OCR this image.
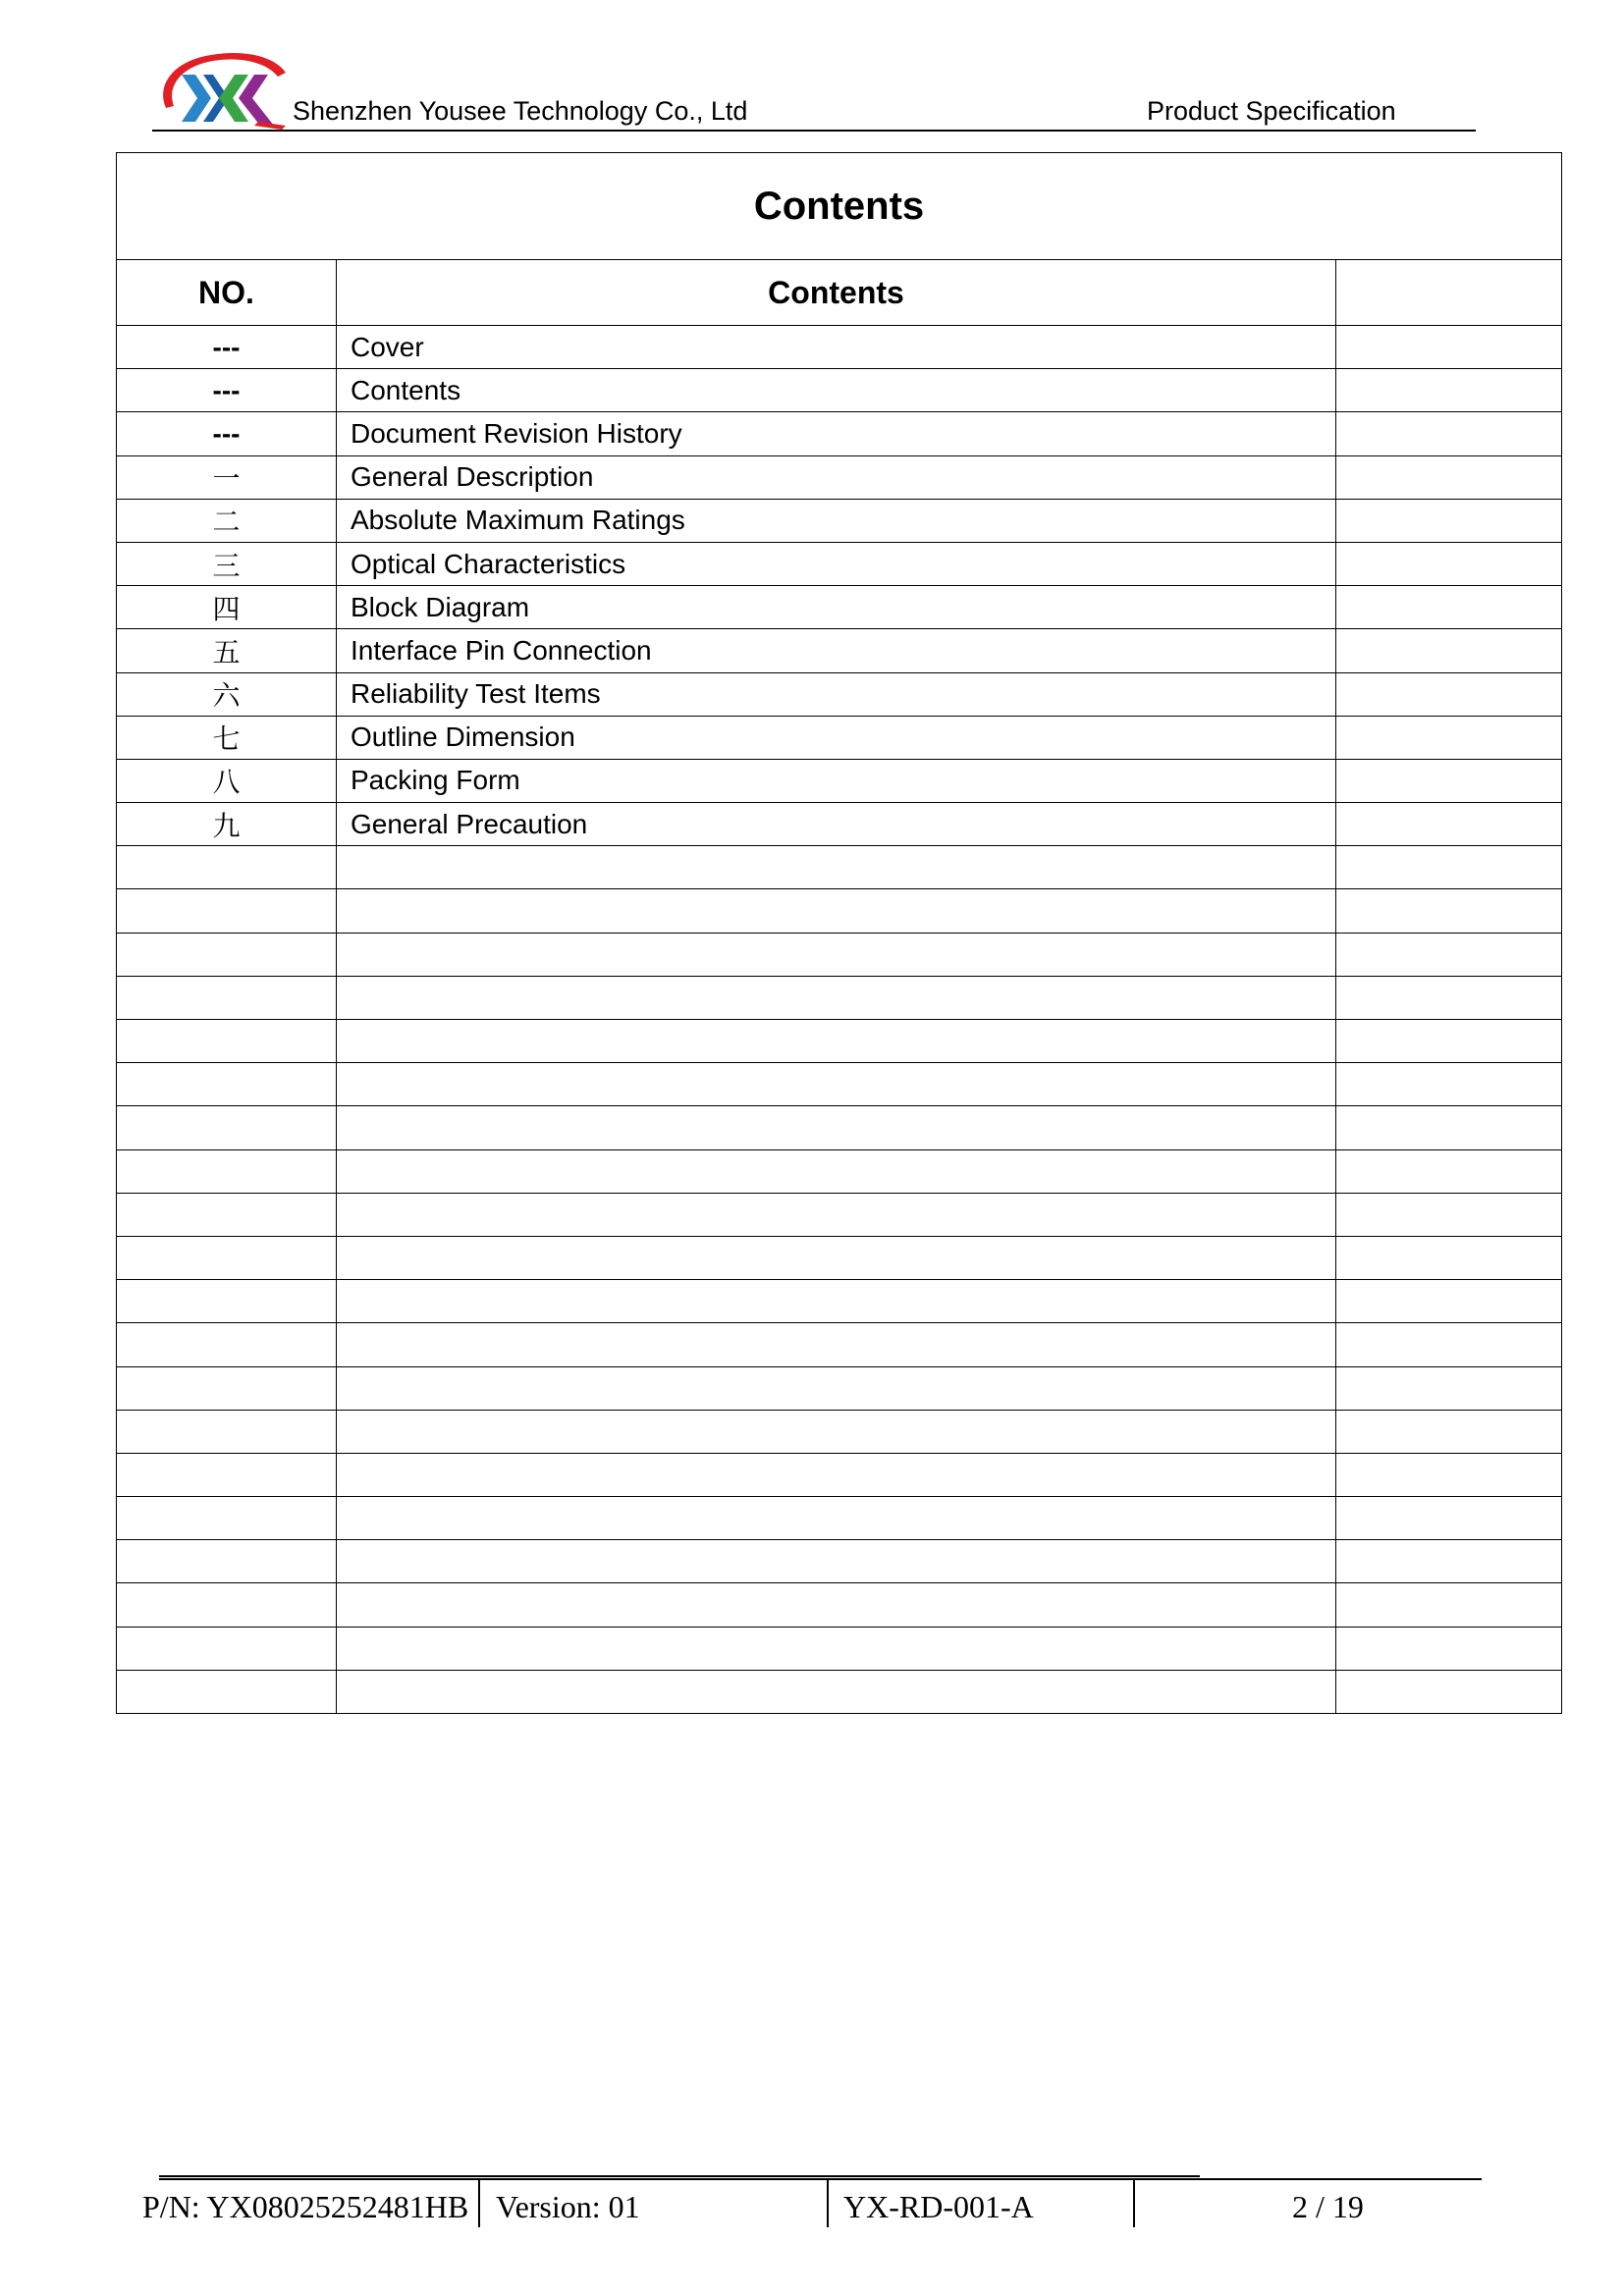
Shenzhen Yousee Technology Co., Ltd	Product Specification
Contents		
NO.	Contents	
---	Cover	
---	Contents	
---	Document Revision History	
一	General Description	
二	Absolute Maximum Ratings	
三	Optical Characteristics	
四	Block Diagram	
五	Interface Pin Connection	
六	Reliability Test Items	
七	Outline Dimension	
八	Packing Form	
九	General Precaution	

P/N: YX08025252481HB Version: 01	YX-RD-001-A	2 / 19
